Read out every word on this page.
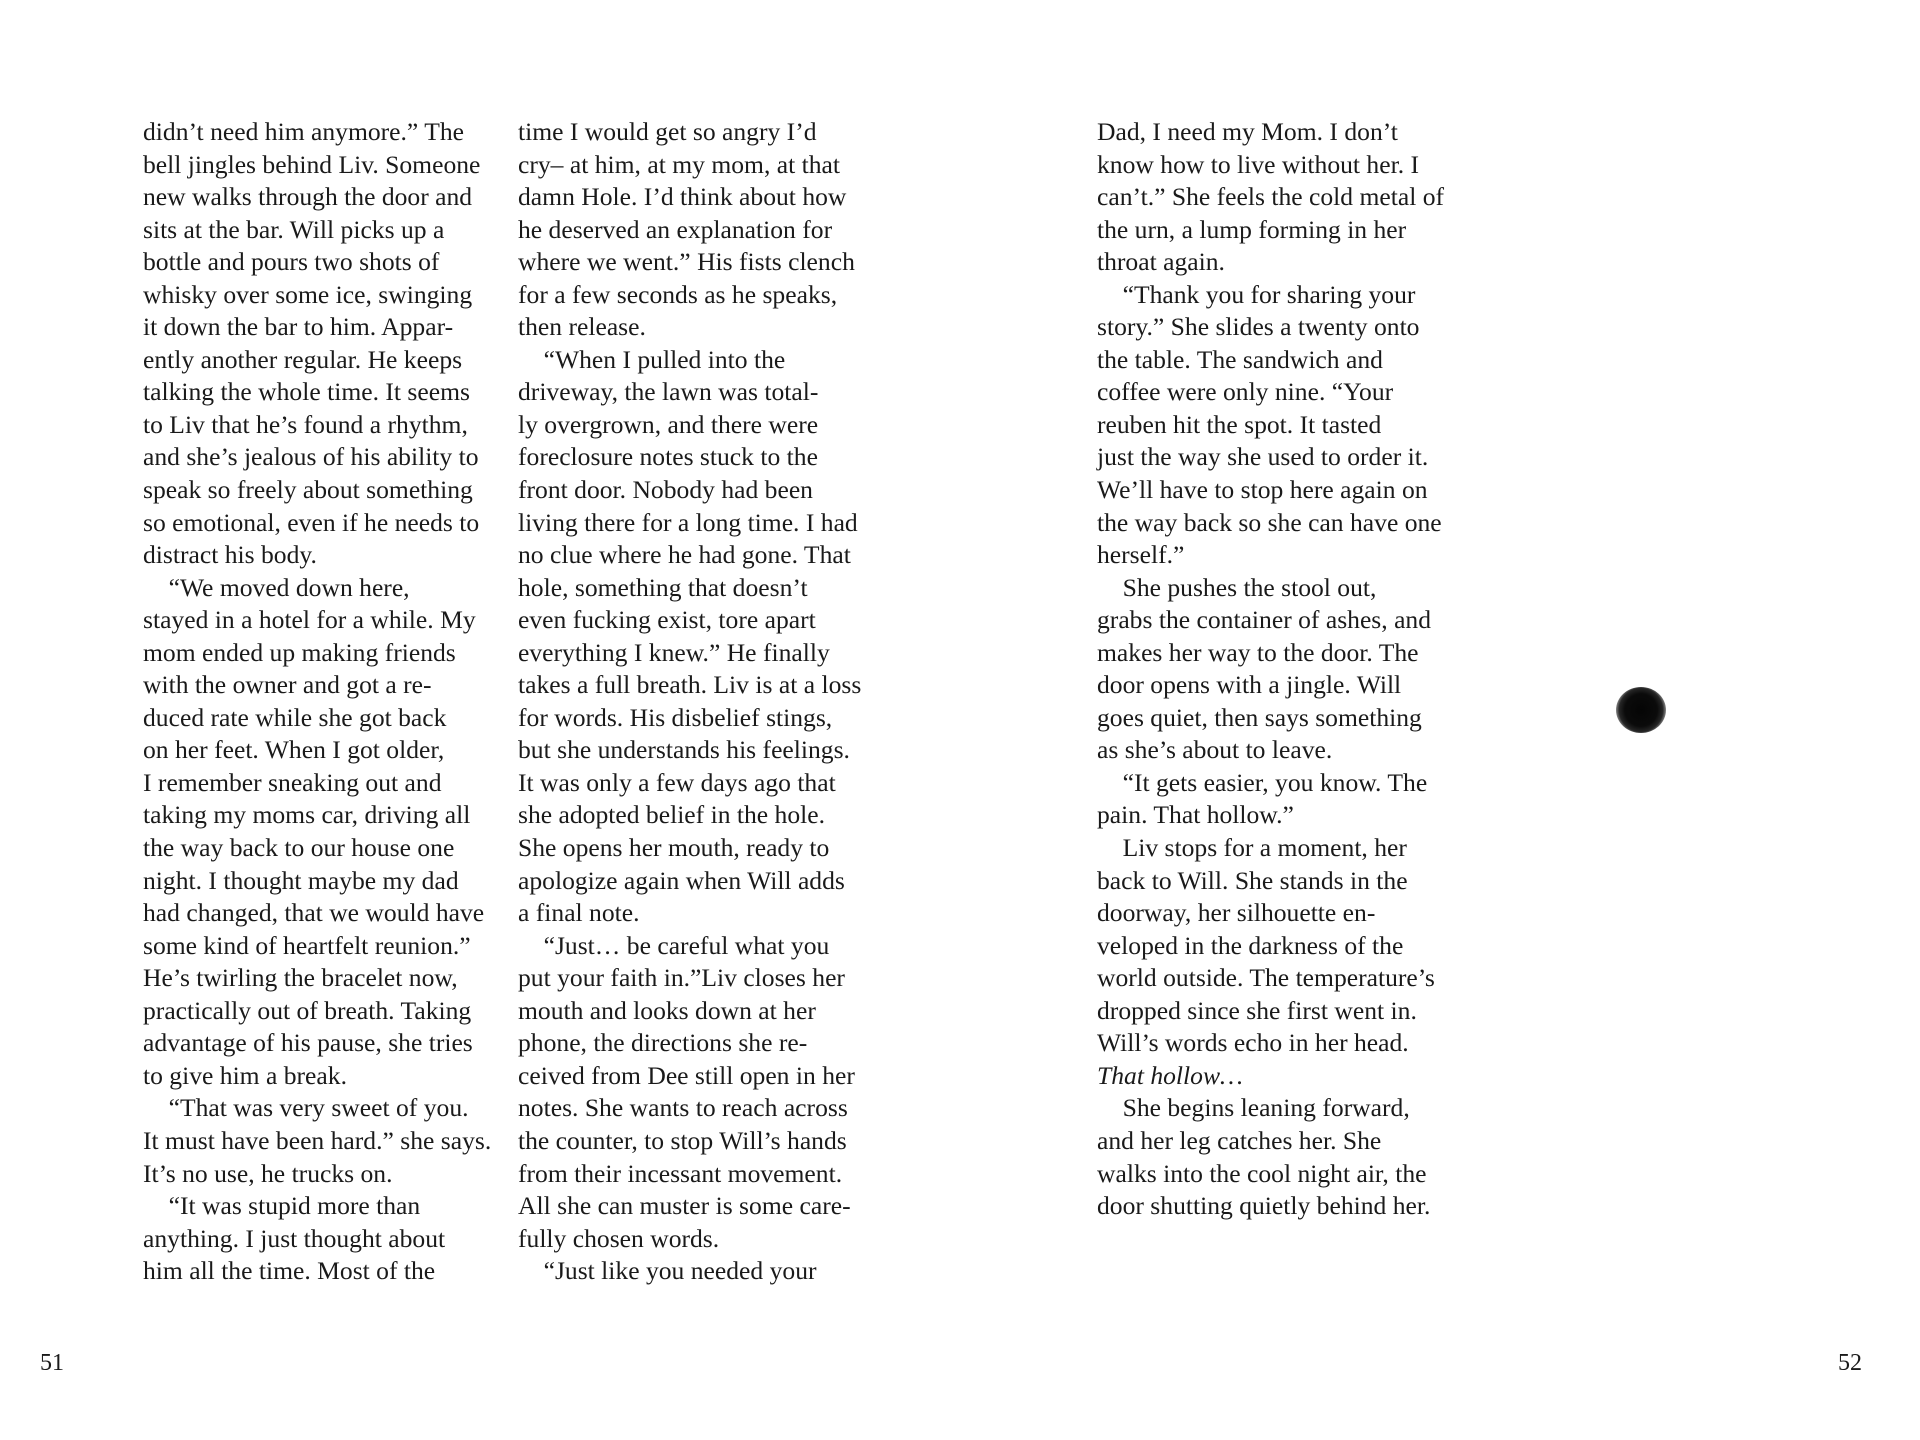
didn’t need him anymore.” The
bell jingles behind Liv. Someone
new walks through the door and
sits at the bar. Will picks up a
bottle and pours two shots of
whisky over some ice, swinging
it down the bar to him. Appar-
ently another regular. He keeps
talking the whole time. It seems
to Liv that he’s found a rhythm,
and she’s jealous of his ability to
speak so freely about something
so emotional, even if he needs to
distract his body.
 “We moved down here,
stayed in a hotel for a while. My
mom ended up making friends
with the owner and got a re-
duced rate while she got back
on her feet. When I got older,
I remember sneaking out and
taking my moms car, driving all
the way back to our house one
night. I thought maybe my dad
had changed, that we would have
some kind of heartfelt reunion.”
He’s twirling the bracelet now,
practically out of breath. Taking
advantage of his pause, she tries
to give him a break.
 “That was very sweet of you.
It must have been hard.” she says.
It’s no use, he trucks on.
 “It was stupid more than
anything. I just thought about
him all the time. Most of the
time I would get so angry I’d
cry– at him, at my mom, at that
damn Hole. I’d think about how
he deserved an explanation for
where we went.” His fists clench
for a few seconds as he speaks,
then release.
 “When I pulled into the
driveway, the lawn was total-
ly overgrown, and there were
foreclosure notes stuck to the
front door. Nobody had been
living there for a long time. I had
no clue where he had gone. That
hole, something that doesn’t
even fucking exist, tore apart
everything I knew.” He finally
takes a full breath. Liv is at a loss
for words. His disbelief stings,
but she understands his feelings.
It was only a few days ago that
she adopted belief in the hole.
She opens her mouth, ready to
apologize again when Will adds
a final note.
 “Just… be careful what you
put your faith in.”Liv closes her
mouth and looks down at her
phone, the directions she re-
ceived from Dee still open in her
notes. She wants to reach across
the counter, to stop Will’s hands
from their incessant movement.
All she can muster is some care-
fully chosen words.
 “Just like you needed your
Dad, I need my Mom. I don’t
know how to live without her. I
can’t.” She feels the cold metal of
the urn, a lump forming in her
throat again.
 “Thank you for sharing your
story.” She slides a twenty onto
the table. The sandwich and
coffee were only nine. “Your
reuben hit the spot. It tasted
just the way she used to order it.
We’ll have to stop here again on
the way back so she can have one
herself.”
 She pushes the stool out,
grabs the container of ashes, and
makes her way to the door. The
door opens with a jingle. Will
goes quiet, then says something
as she’s about to leave.
 “It gets easier, you know. The
pain. That hollow.”
 Liv stops for a moment, her
back to Will. She stands in the
doorway, her silhouette en-
veloped in the darkness of the
world outside. The temperature’s
dropped since she first went in.
Will’s words echo in her head.
That hollow…
 She begins leaning forward,
and her leg catches her. She
walks into the cool night air, the
door shutting quietly behind her.
51	52
